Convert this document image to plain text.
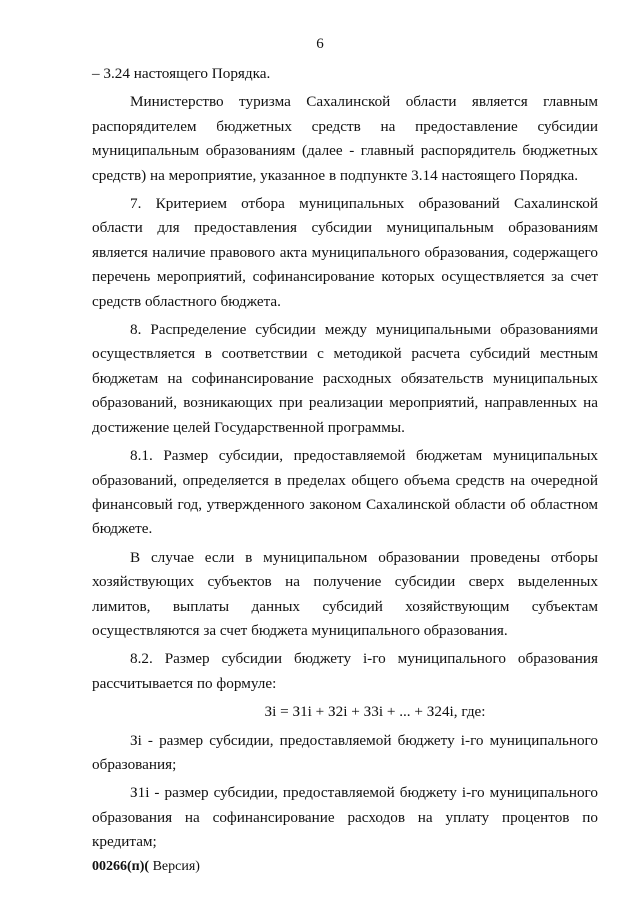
6

– 3.24 настоящего Порядка.

Министерство туризма Сахалинской области является главным распорядителем бюджетных средств на предоставление субсидии муниципальным образованиям (далее - главный распорядитель бюджетных средств) на мероприятие, указанное в подпункте 3.14 настоящего Порядка.

7. Критерием отбора муниципальных образований Сахалинской области для предоставления субсидии муниципальным образованиям является наличие правового акта муниципального образования, содержащего перечень мероприятий, софинансирование которых осуществляется за счет средств областного бюджета.

8. Распределение субсидии между муниципальными образованиями осуществляется в соответствии с методикой расчета субсидий местным бюджетам на софинансирование расходных обязательств муниципальных образований, возникающих при реализации мероприятий, направленных на достижение целей Государственной программы.

8.1. Размер субсидии, предоставляемой бюджетам муниципальных образований, определяется в пределах общего объема средств на очередной финансовый год, утвержденного законом Сахалинской области об областном бюджете.

В случае если в муниципальном образовании проведены отборы хозяйствующих субъектов на получение субсидии сверх выделенных лимитов, выплаты данных субсидий хозяйствующим субъектам осуществляются за счет бюджета муниципального образования.

8.2. Размер субсидии бюджету i-го муниципального образования рассчитывается по формуле:

Зi = З1i + З2i + З3i + ... + З24i, где:

Зi - размер субсидии, предоставляемой бюджету i-го муниципального образования;

З1i - размер субсидии, предоставляемой бюджету i-го муниципального образования на софинансирование расходов на уплату процентов по кредитам;

00266(п)( Версия)
